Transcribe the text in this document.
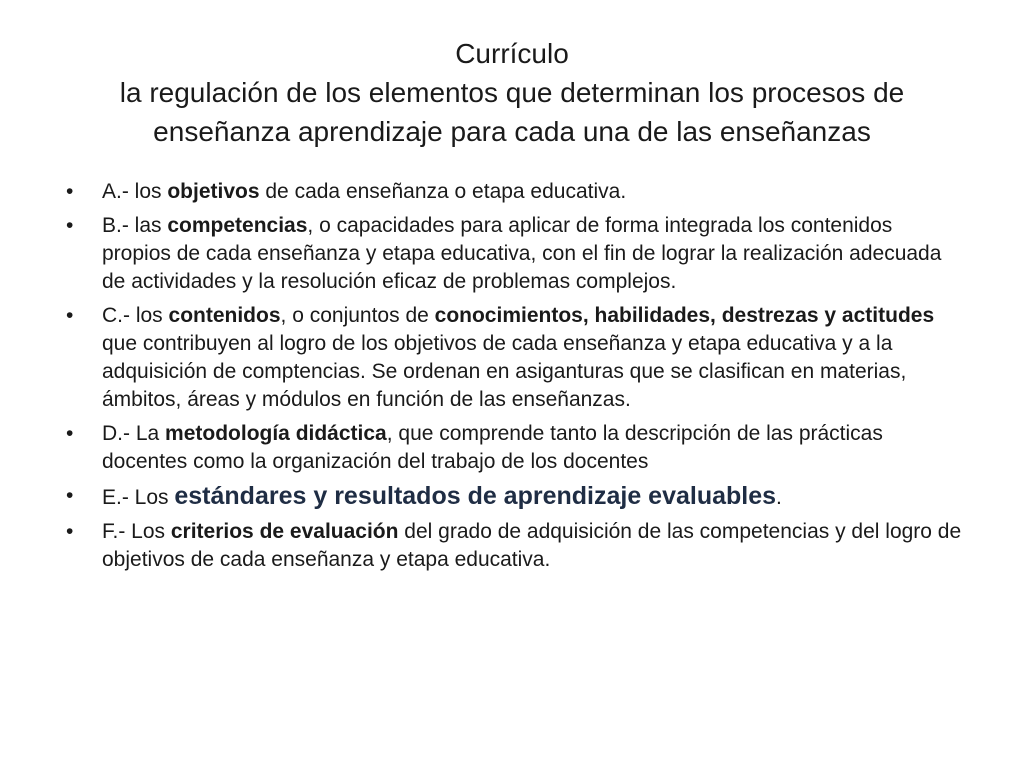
Currículo
la regulación de los elementos que determinan los procesos de
enseñanza aprendizaje para cada una de las enseñanzas
•	A.- los objetivos de cada enseñanza o etapa educativa.
•	B.- las competencias, o capacidades para aplicar de forma integrada los contenidos propios de cada enseñanza y etapa educativa, con el fin de lograr la realización adecuada de actividades y la resolución eficaz de problemas complejos.
•	C.- los contenidos, o conjuntos de conocimientos, habilidades, destrezas y actitudes que contribuyen al logro de los objetivos de cada enseñanza y etapa educativa y a la adquisición de comptencias. Se ordenan en asiganturas que se clasifican en materias, ámbitos, áreas y módulos en función de las enseñanzas.
•	D.- La metodología didáctica, que comprende tanto la descripción de las prácticas docentes como la organización del trabajo de los docentes
•	E.- Los estándares y resultados de aprendizaje evaluables.
•	F.- Los criterios de evaluación del grado de adquisición de las competencias y del logro de objetivos de cada enseñanza y etapa educativa.
